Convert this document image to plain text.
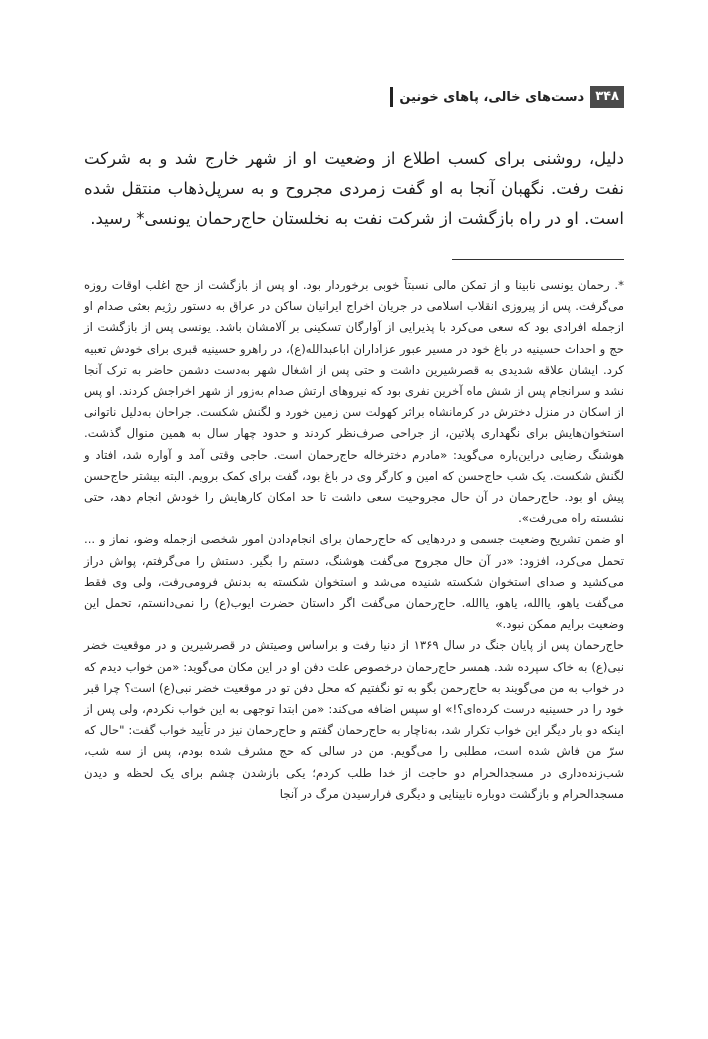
۳۴۸
دست‌های خالی، پاهای خونین

دلیل، روشنی برای کسب اطلاع از وضعیت او از شهر خارج شد و به شرکت

نفت رفت. نگهبان آنجا به او گفت زمردی مجروح و به سرپل‌ذهاب منتقل شده

است. او در راه بازگشت از شرکت نفت به نخلستان حاج‌رحمان یونسی* رسید.

*. رحمان یونسی نابینا و از تمکن مالی نسبتاً خوبی برخوردار بود. او پس از بازگشت از حج اغلب اوقات روزه می‌گرفت. پس از پیروزی انقلاب اسلامی در جریان اخراج ایرانیان ساکن در عراق به دستور رژیم بعثی صدام او ازجمله افرادی بود که سعی می‌کرد با پذیرایی از آوارگان تسکینی بر آلامشان باشد. یونسی پس از بازگشت از حج و احداث حسینیه در باغ خود در مسیر عبور عزاداران اباعبدالله(ع)، در راهرو حسینیه قبری برای خودش تعبیه کرد. ایشان علاقه شدیدی به قصرشیرین داشت و حتی پس از اشغال شهر به‌دست دشمن حاضر به ترک آنجا نشد و سرانجام پس از شش ماه آخرین نفری بود که نیروهای ارتش صدام به‌زور از شهر اخراجش کردند. او پس از اسکان در منزل دخترش در کرمانشاه براثر کهولت سن زمین خورد و لگنش شکست. جراحان به‌دلیل ناتوانی استخوان‌هایش برای نگهداری پلاتین، از جراحی صرف‌نظر کردند و حدود چهار سال به همین منوال گذشت. هوشنگ رضایی دراین‌باره می‌گوید: «مادرم دخترخاله حاج‌رحمان است. حاجی وقتی آمد و آواره شد، افتاد و لگنش شکست. یک شب حاج‌حسن که امین و کارگر وی در باغ بود، گفت برای کمک برویم. البته بیشتر حاج‌حسن پیش او بود. حاج‌رحمان در آن حال مجروحیت سعی داشت تا حد امکان کارهایش را خودش انجام دهد، حتی نشسته راه می‌رفت».

او ضمن تشریح وضعیت جسمی و دردهایی که حاج‌رحمان برای انجام‌دادن امور شخصی ازجمله وضو، نماز و ... تحمل می‌کرد، افزود: «در آن حال مجروح می‌گفت هوشنگ، دستم را بگیر. دستش را می‌گرفتم، پواش دراز می‌کشید و صدای استخوان شکسته شنیده می‌شد و استخوان شکسته به بدنش فرومی‌رفت، ولی وی فقط می‌گفت یاهو، یاالله، یاهو، یاالله. حاج‌رحمان می‌گفت اگر داستان حضرت ایوب(ع) را نمی‌دانستم، تحمل این وضعیت برایم ممکن نبود.»

حاج‌رحمان پس از پایان جنگ در سال ۱۳۶۹ از دنیا رفت و براساس وصیتش در قصرشیرین و در موقعیت خضر نبی(ع) به خاک سپرده شد. همسر حاج‌رحمان درخصوص علت دفن او در این مکان می‌گوید: «من خواب دیدم که در خواب به من می‌گویند به حاج‌رحمن بگو به تو نگفتیم که محل دفن تو در موقعیت خضر نبی(ع) است؟ چرا قبر خود را در حسینیه درست کرده‌ای؟!» او سپس اضافه می‌کند: «من ابتدا توجهی به این خواب نکردم، ولی پس از اینکه دو بار دیگر این خواب تکرار شد، به‌ناچار به حاج‌رحمان گفتم و حاج‌رحمان نیز در تأیید خواب گفت: "حال که سرّ من فاش شده است، مطلبی را می‌گویم. من در سالی که حج مشرف شده بودم، پس از سه شب، شب‌زنده‌داری در مسجدالحرام دو حاجت از خدا طلب کردم؛ یکی بازشدن چشم برای یک لحظه و دیدن مسجدالحرام و بازگشت دوباره نابینایی و دیگری فرارسیدن مرگ در آنجا
